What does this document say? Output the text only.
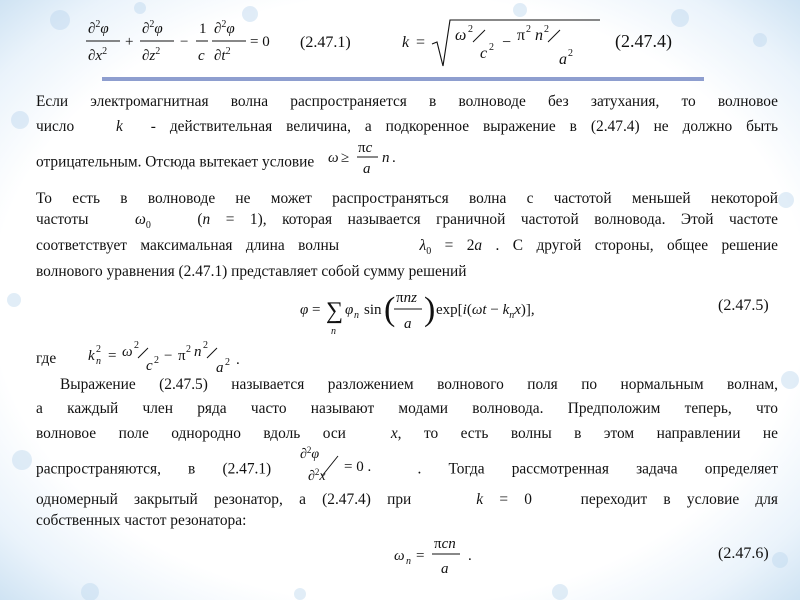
∂$^2$φ
$\partial x^2$
+
∂$^2$φ
$\partial z^2$
−
1
c
∂$^2$φ
$\partial t^2$
= 0 (2.47.1)	k = ω 2
c 2 − π 2 n 2
a 2
(2.47.4)
Если электромагнитная волна распространяется в волноводе без затухания, то волновое
число	k - действительная величина, а подкоренное выражение в (2.47.4) не должно быть
отрицательным. Отсюда вытекает условие ω ≥
πc
a
n .
То есть в волноводе не может распространяться волна с частотой меньшей некоторой
частоты	$\omega_0$   (n = 1), которая называется граничной частотой волновода. Этой частоте
соответствует максимальная длина волны	$\lambda_0 = 2a$ . С другой стороны, общее решение
волнового уравнения (2.47.1) представляет собой сумму решений
φ = ∑
n
φ n sin ( πnz
a ) $\exp[i(\omega t - k_nx)]$,	(2.47.5)
где	k n
2 = ω 2
c 2 − π 2 n 2
a 2 .
Выражение (2.47.5) называется разложением волнового поля по нормальным волнам,
а каждый член ряда часто называют модами волновода. Предположим теперь, что
волновое поле однородно вдоль оси	x, то есть волны в этом направлении не
распространяются, в (2.47.1)
∂$^2$φ
∂$^2$x
= 0 .	. Тогда рассмотренная задача определяет
одномерный закрытый резонатор, а (2.47.4) при	k = 0   переходит в условие для
собственных частот резонатора:
ω n =
πcn
a
.	(2.47.6)
